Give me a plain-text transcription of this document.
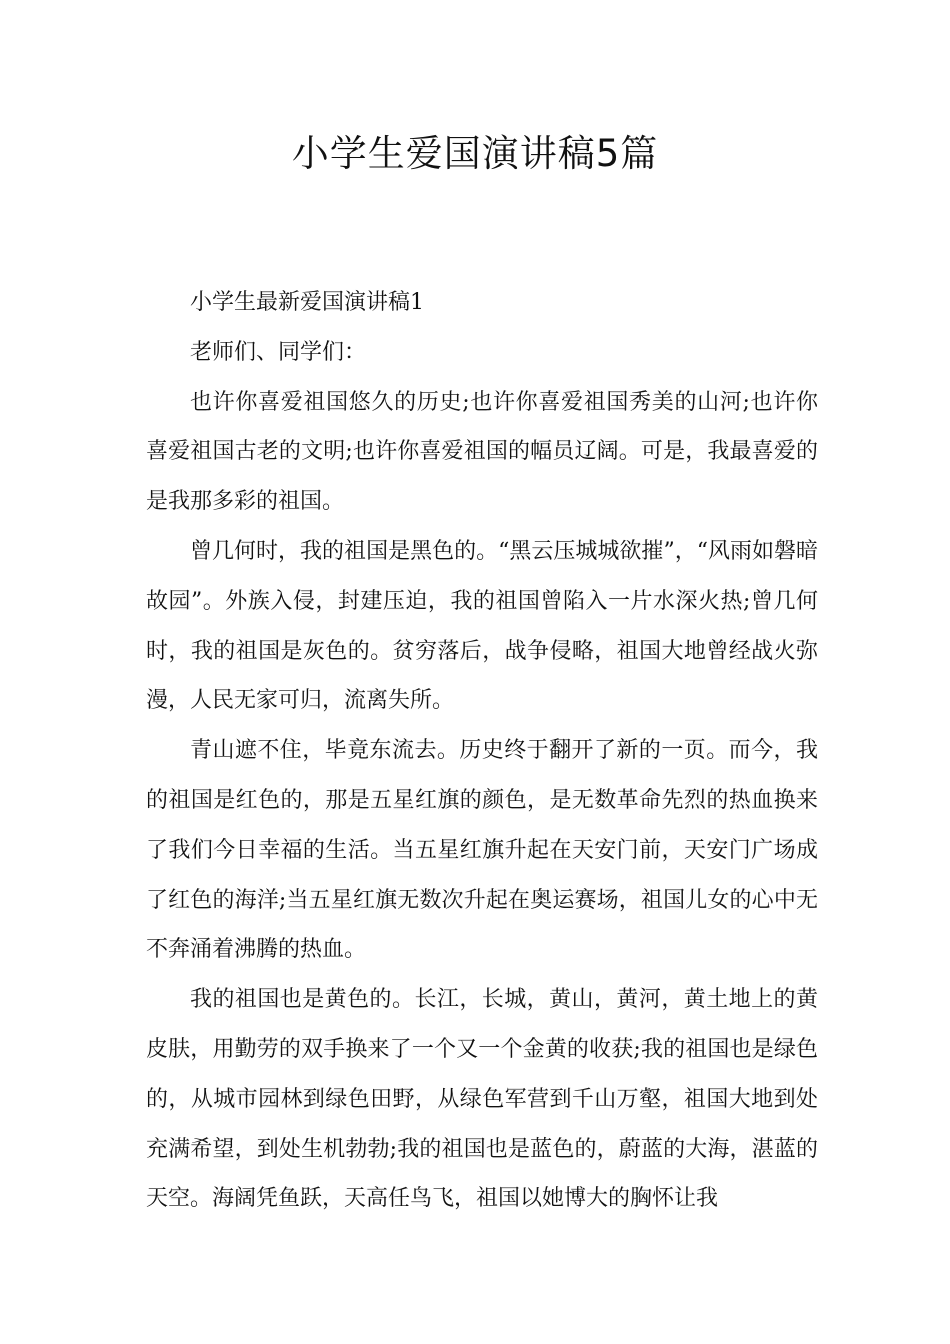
小学生爱国演讲稿5篇

小学生最新爱国演讲稿1

老师们、同学们：

也许你喜爱祖国悠久的历史;也许你喜爱祖国秀美的山河;也许你喜爱祖国古老的文明;也许你喜爱祖国的幅员辽阔。可是，我最喜爱的是我那多彩的祖国。

曾几何时，我的祖国是黑色的。“黑云压城城欲摧”，“风雨如磐暗故园”。外族入侵，封建压迫，我的祖国曾陷入一片水深火热;曾几何时，我的祖国是灰色的。贫穷落后，战争侵略，祖国大地曾经战火弥漫，人民无家可归，流离失所。

青山遮不住，毕竟东流去。历史终于翻开了新的一页。而今，我的祖国是红色的，那是五星红旗的颜色，是无数革命先烈的热血换来了我们今日幸福的生活。当五星红旗升起在天安门前，天安门广场成了红色的海洋;当五星红旗无数次升起在奥运赛场，祖国儿女的心中无不奔涌着沸腾的热血。

我的祖国也是黄色的。长江，长城，黄山，黄河，黄土地上的黄皮肤，用勤劳的双手换来了一个又一个金黄的收获;我的祖国也是绿色的，从城市园林到绿色田野，从绿色军营到千山万壑，祖国大地到处充满希望，到处生机勃勃;我的祖国也是蓝色的，蔚蓝的大海，湛蓝的天空。海阔凭鱼跃，天高任鸟飞，祖国以她博大的胸怀让我
